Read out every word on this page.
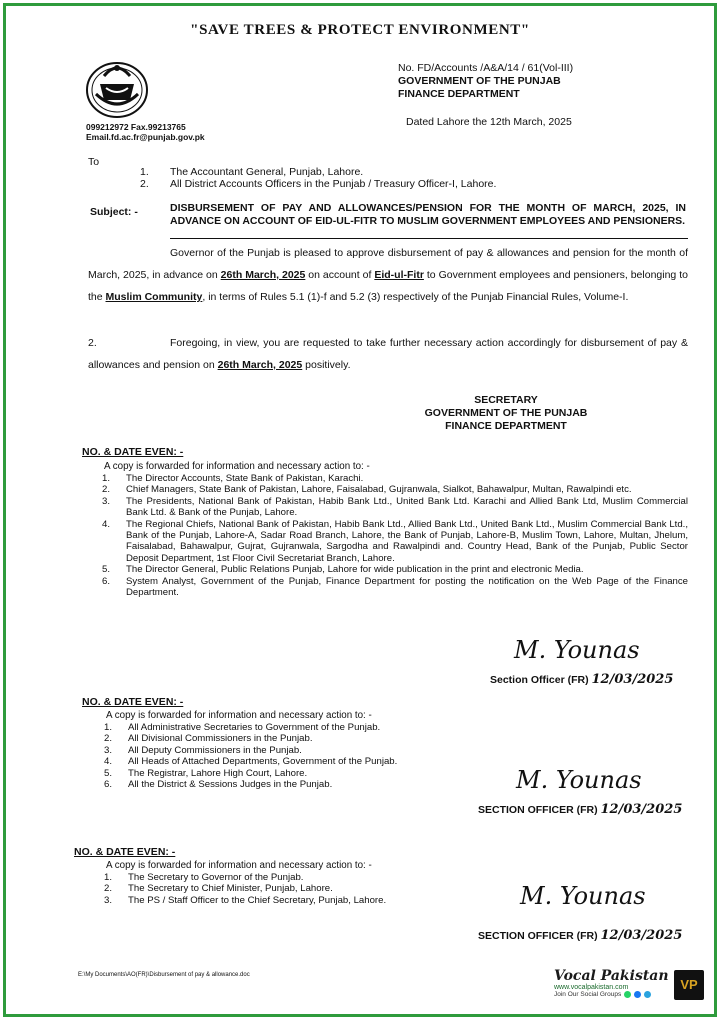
"SAVE TREES & PROTECT ENVIRONMENT"
099212972 Fax.99213765
Email.fd.ac.fr@punjab.gov.pk
No. FD/Accounts /A&A/14 / 61(Vol-III)
GOVERNMENT OF THE PUNJAB
FINANCE DEPARTMENT
Dated Lahore the 12th March, 2025
To
1. The Accountant General, Punjab, Lahore.
2. All District Accounts Officers in the Punjab / Treasury Officer-I, Lahore.
Subject: -	DISBURSEMENT OF PAY AND ALLOWANCES/PENSION FOR THE MONTH OF MARCH, 2025, IN ADVANCE ON ACCOUNT OF EID-UL-FITR TO MUSLIM GOVERNMENT EMPLOYEES AND PENSIONERS.
Governor of the Punjab is pleased to approve disbursement of pay & allowances and pension for the month of March, 2025, in advance on 26th March, 2025 on account of Eid-ul-Fitr to Government employees and pensioners, belonging to the Muslim Community, in terms of Rules 5.1 (1)-f and 5.2 (3) respectively of the Punjab Financial Rules, Volume-I.
2.	Foregoing, in view, you are requested to take further necessary action accordingly for disbursement of pay & allowances and pension on 26th March, 2025 positively.
SECRETARY
GOVERNMENT OF THE PUNJAB
FINANCE DEPARTMENT
NO. & DATE EVEN: -
A copy is forwarded for information and necessary action to: -
1.	The Director Accounts, State Bank of Pakistan, Karachi.
2.	Chief Managers, State Bank of Pakistan, Lahore, Faisalabad, Gujranwala, Sialkot, Bahawalpur, Multan, Rawalpindi etc.
3.	The Presidents, National Bank of Pakistan, Habib Bank Ltd., United Bank Ltd. Karachi and Allied Bank Ltd, Muslim Commercial Bank Ltd. & Bank of the Punjab, Lahore.
4.	The Regional Chiefs, National Bank of Pakistan, Habib Bank Ltd., Allied Bank Ltd., United Bank Ltd., Muslim Commercial Bank Ltd., Bank of the Punjab, Lahore-A, Sadar Road Branch, Lahore, the Bank of Punjab, Lahore-B, Muslim Town, Lahore, Multan, Jhelum, Faisalabad, Bahawalpur, Gujrat, Gujranwala, Sargodha and Rawalpindi and. Country Head, Bank of the Punjab, Public Sector Deposit Department, 1st Floor Civil Secretariat Branch, Lahore.
5.	The Director General, Public Relations Punjab, Lahore for wide publication in the print and electronic Media.
6.	System Analyst, Government of the Punjab, Finance Department for posting the notification on the Web Page of the Finance Department.
M. Younas
Section Officer (FR) 12/03/2025
NO. & DATE EVEN: -
A copy is forwarded for information and necessary action to: -
1.	All Administrative Secretaries to Government of the Punjab.
2.	All Divisional Commissioners in the Punjab.
3.	All Deputy Commissioners in the Punjab.
4.	All Heads of Attached Departments, Government of the Punjab.
5.	The Registrar, Lahore High Court, Lahore.
6.	All the District & Sessions Judges in the Punjab.	M. Younas
SECTION OFFICER (FR) 12/03/2025
NO. & DATE EVEN: -
A copy is forwarded for information and necessary action to: -
1.	The Secretary to Governor of the Punjab.
2.	The Secretary to Chief Minister, Punjab, Lahore.
3.	The PS / Staff Officer to the Chief Secretary, Punjab, Lahore.	M. Younas
SECTION OFFICER (FR) 12/03/2025
E:\My Documents\AO(FR)\Disbursement of pay & allowance.doc	Vocal Pakistan
www.vocalpakistan.com
Join Our Social Groups
VP
